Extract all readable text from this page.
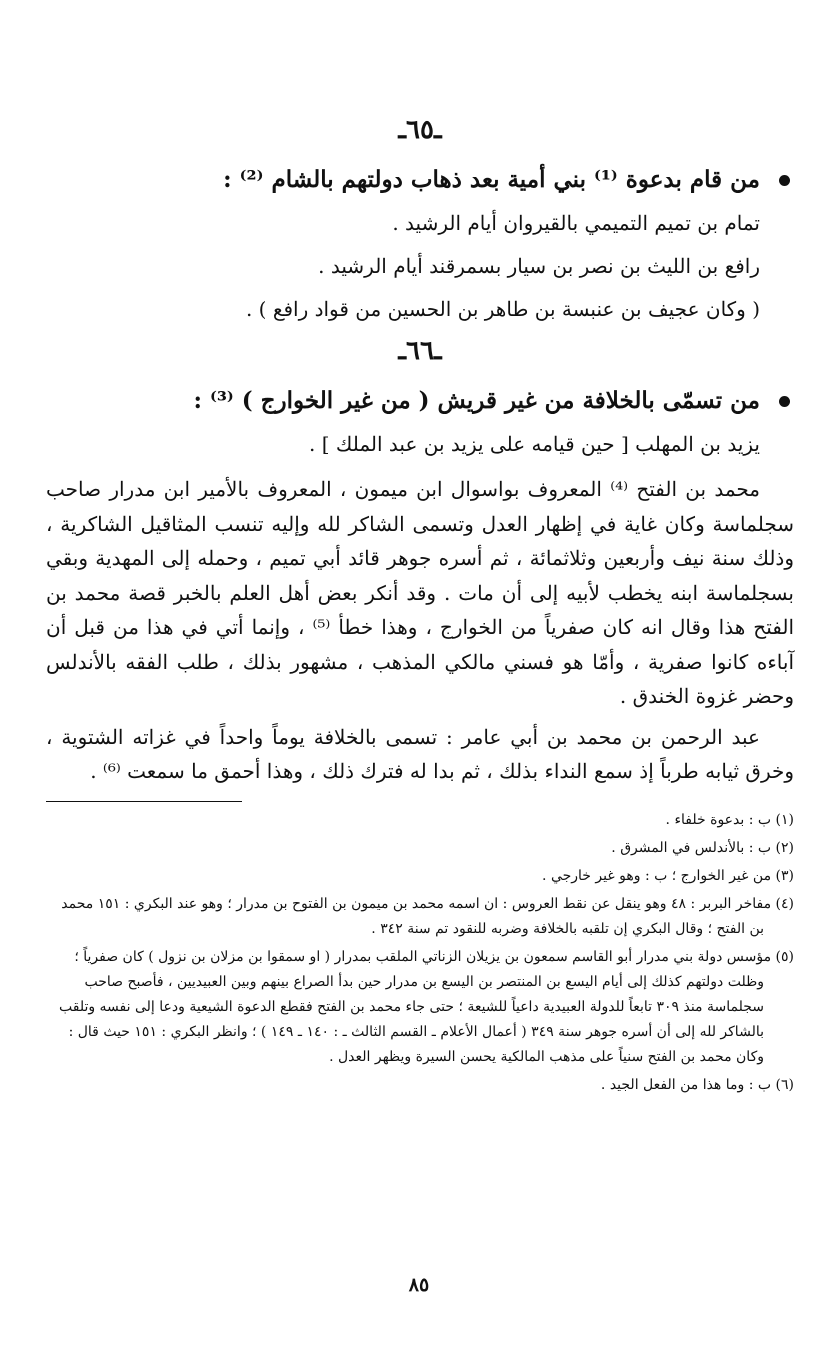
ـ٦٥ـ
من قام بدعوة ⁽¹⁾ بني أمية بعد ذهاب دولتهم بالشام ⁽²⁾ :

تمام بن تميم التميمي بالقيروان أيام الرشيد .

رافع بن الليث بن نصر بن سيار بسمرقند أيام الرشيد .

( وكان عجيف بن عنبسة بن طاهر بن الحسين من قواد رافع ) .

ـ٦٦ـ
من تسمّى بالخلافة من غير قريش ( من غير الخوارج ) ⁽³⁾ :

يزيد بن المهلب [ حين قيامه على يزيد بن عبد الملك ] .

محمد بن الفتح ⁽⁴⁾ المعروف بواسوال ابن ميمون ، المعروف بالأمير ابن مدرار صاحب سجلماسة وكان غاية في إظهار العدل وتسمى الشاكر لله وإليه تنسب المثاقيل الشاكرية ، وذلك سنة نيف وأربعين وثلاثمائة ، ثم أسره جوهر قائد أبي تميم ، وحمله إلى المهدية وبقي بسجلماسة ابنه يخطب لأبيه إلى أن مات . وقد أنكر بعض أهل العلم بالخبر قصة محمد بن الفتح هذا وقال انه كان صفرياً من الخوارج ، وهذا خطأ ⁽⁵⁾ ، وإنما أتي في هذا من قبل أن آباءه كانوا صفرية ، وأمّا هو فسني مالكي المذهب ، مشهور بذلك ، طلب الفقه بالأندلس وحضر غزوة الخندق .

عبد الرحمن بن محمد بن أبي عامر : تسمى بالخلافة يوماً واحداً في غزاته الشتوية ، وخرق ثيابه طرباً إذ سمع النداء بذلك ، ثم بدا له فترك ذلك ، وهذا أحمق ما سمعت ⁽⁶⁾ .

(١) ب : بدعوة خلفاء .

(٢) ب : بالأندلس في المشرق .

(٣) من غير الخوارج ؛ ب : وهو غير خارجي .

(٤) مفاخر البربر : ٤٨ وهو ينقل عن نقط العروس : ان اسمه محمد بن ميمون بن الفتوح بن مدرار ؛ وهو عند البكري : ١٥١ محمد بن الفتح ؛ وقال البكري إن تلقبه بالخلافة وضربه للنقود تم سنة ٣٤٢ .

(٥) مؤسس دولة بني مدرار أبو القاسم سمعون بن يزيلان الزناتي الملقب بمدرار ( او سمقوا بن مزلان بن نزول ) كان صفرياً ؛ وظلت دولتهم كذلك إلى أيام اليسع بن المنتصر بن اليسع بن مدرار حين بدأ الصراع بينهم وبين العبيديين ، فأصبح صاحب سجلماسة منذ ٣٠٩ تابعاً للدولة العبيدية داعياً للشيعة ؛ حتى جاء محمد بن الفتح فقطع الدعوة الشيعية ودعا إلى نفسه وتلقب بالشاكر لله إلى أن أسره جوهر سنة ٣٤٩ ( أعمال الأعلام ـ القسم الثالث ـ : ١٤٠ ـ ١٤٩ ) ؛ وانظر البكري : ١٥١ حيث قال : وكان محمد بن الفتح سنياً على مذهب المالكية يحسن السيرة ويظهر العدل .

(٦) ب : وما هذا من الفعل الجيد .

٨٥
